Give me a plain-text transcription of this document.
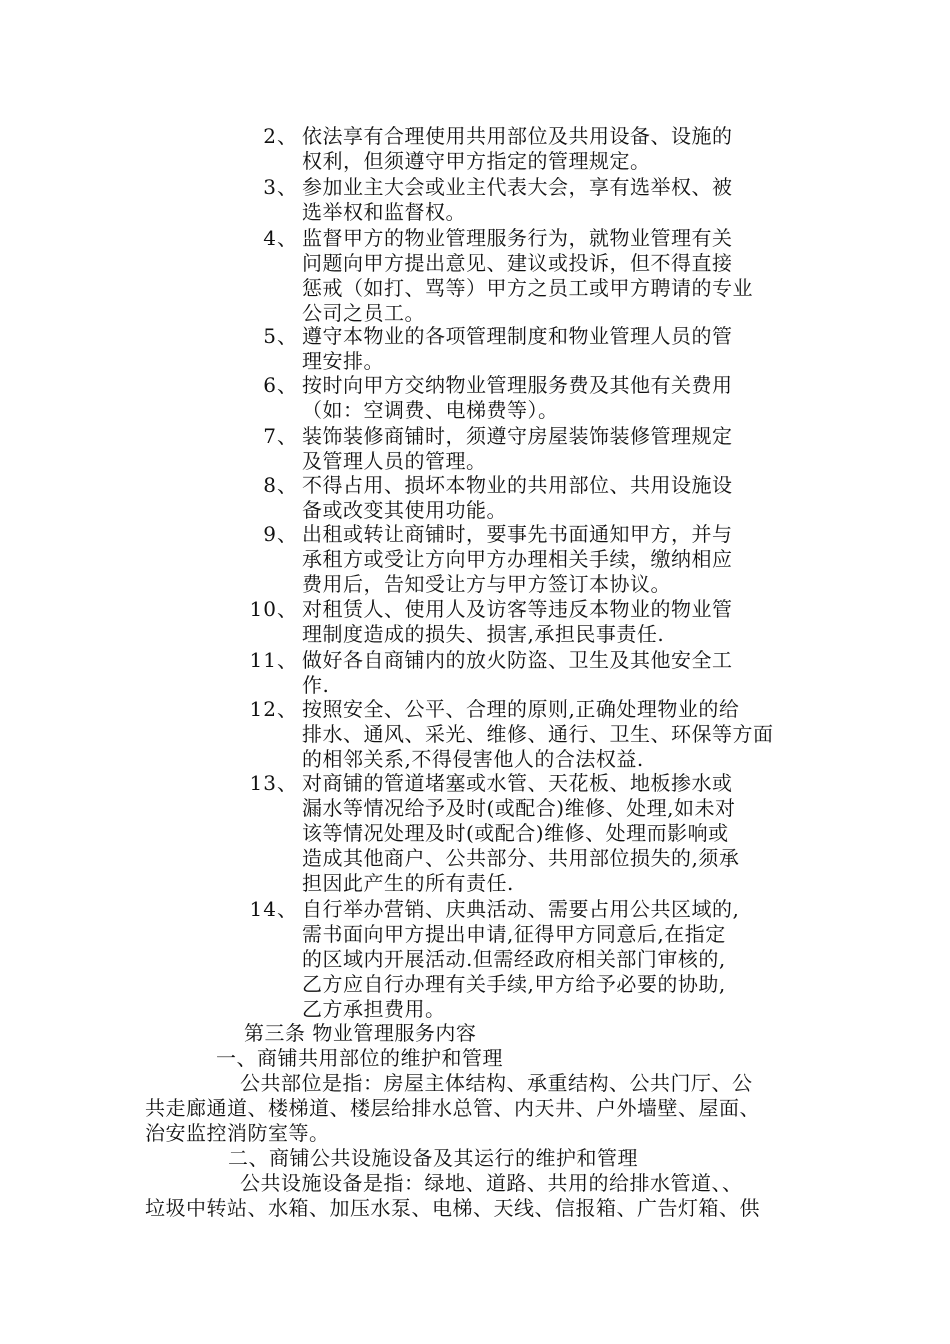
2、 依法享有合理使用共用部位及共用设备、设施的
权利，但须遵守甲方指定的管理规定。
3、 参加业主大会或业主代表大会，享有选举权、被
选举权和监督权。
4、 监督甲方的物业管理服务行为，就物业管理有关
问题向甲方提出意见、建议或投诉，但不得直接
惩戒（如打、骂等）甲方之员工或甲方聘请的专业
公司之员工。
5、 遵守本物业的各项管理制度和物业管理人员的管
理安排。
6、 按时向甲方交纳物业管理服务费及其他有关费用
（如：空调费、电梯费等）。
7、 装饰装修商铺时，须遵守房屋装饰装修管理规定
及管理人员的管理。
8、 不得占用、损坏本物业的共用部位、共用设施设
备或改变其使用功能。
9、 出租或转让商铺时，要事先书面通知甲方，并与
承租方或受让方向甲方办理相关手续，缴纳相应
费用后，告知受让方与甲方签订本协议。
10、 对租赁人、使用人及访客等违反本物业的物业管
理制度造成的损失、损害,承担民事责任.
11、 做好各自商铺内的放火防盗、卫生及其他安全工
作.
12、 按照安全、公平、合理的原则,正确处理物业的给
排水、通风、采光、维修、通行、卫生、环保等方面
的相邻关系,不得侵害他人的合法权益.
13、 对商铺的管道堵塞或水管、天花板、地板掺水或
漏水等情况给予及时(或配合)维修、处理,如未对
该等情况处理及时(或配合)维修、处理而影响或
造成其他商户、公共部分、共用部位损失的,须承
担因此产生的所有责任.
14、 自行举办营销、庆典活动、需要占用公共区域的,
需书面向甲方提出申请,征得甲方同意后,在指定
的区域内开展活动.但需经政府相关部门审核的,
乙方应自行办理有关手续,甲方给予必要的协助,
乙方承担费用。
第三条 物业管理服务内容
一、商铺共用部位的维护和管理
公共部位是指：房屋主体结构、承重结构、公共门厅、公
共走廊通道、楼梯道、楼层给排水总管、内天井、户外墙壁、屋面、
治安监控消防室等。
二、商铺公共设施设备及其运行的维护和管理
公共设施设备是指：绿地、道路、共用的给排水管道、、
垃圾中转站、水箱、加压水泵、电梯、天线、信报箱、广告灯箱、供
